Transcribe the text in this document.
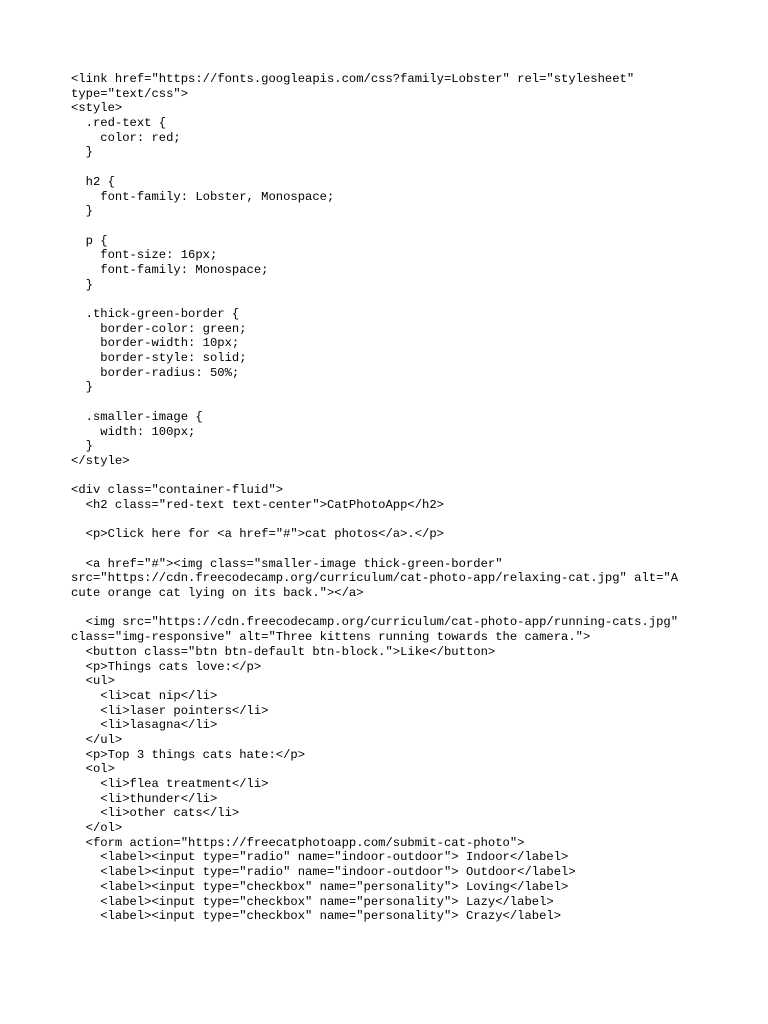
<link href="https://fonts.googleapis.com/css?family=Lobster" rel="stylesheet"
type="text/css">
<style>
.red-text {
color: red;
}
h2 {
font-family: Lobster, Monospace;
}
p {
font-size: 16px;
font-family: Monospace;
}
.thick-green-border {
border-color: green;
border-width: 10px;
border-style: solid;
border-radius: 50%;
}
.smaller-image {
width: 100px;
}
</style>
<div class="container-fluid">
<h2 class="red-text text-center">CatPhotoApp</h2>
<p>Click here for <a href="#">cat photos</a>.</p>
<a href="#"><img class="smaller-image thick-green-border"
src="https://cdn.freecodecamp.org/curriculum/cat-photo-app/relaxing-cat.jpg" alt="A
cute orange cat lying on its back."></a>
<img src="https://cdn.freecodecamp.org/curriculum/cat-photo-app/running-cats.jpg"
class="img-responsive" alt="Three kittens running towards the camera.">
<button class="btn btn-default btn-block.">Like</button>
<p>Things cats love:</p>
<ul>
<li>cat nip</li>
<li>laser pointers</li>
<li>lasagna</li>
</ul>
<p>Top 3 things cats hate:</p>
<ol>
<li>flea treatment</li>
<li>thunder</li>
<li>other cats</li>
</ol>
<form action="https://freecatphotoapp.com/submit-cat-photo">
<label><input type="radio" name="indoor-outdoor"> Indoor</label>
<label><input type="radio" name="indoor-outdoor"> Outdoor</label>
<label><input type="checkbox" name="personality"> Loving</label>
<label><input type="checkbox" name="personality"> Lazy</label>
<label><input type="checkbox" name="personality"> Crazy</label>
